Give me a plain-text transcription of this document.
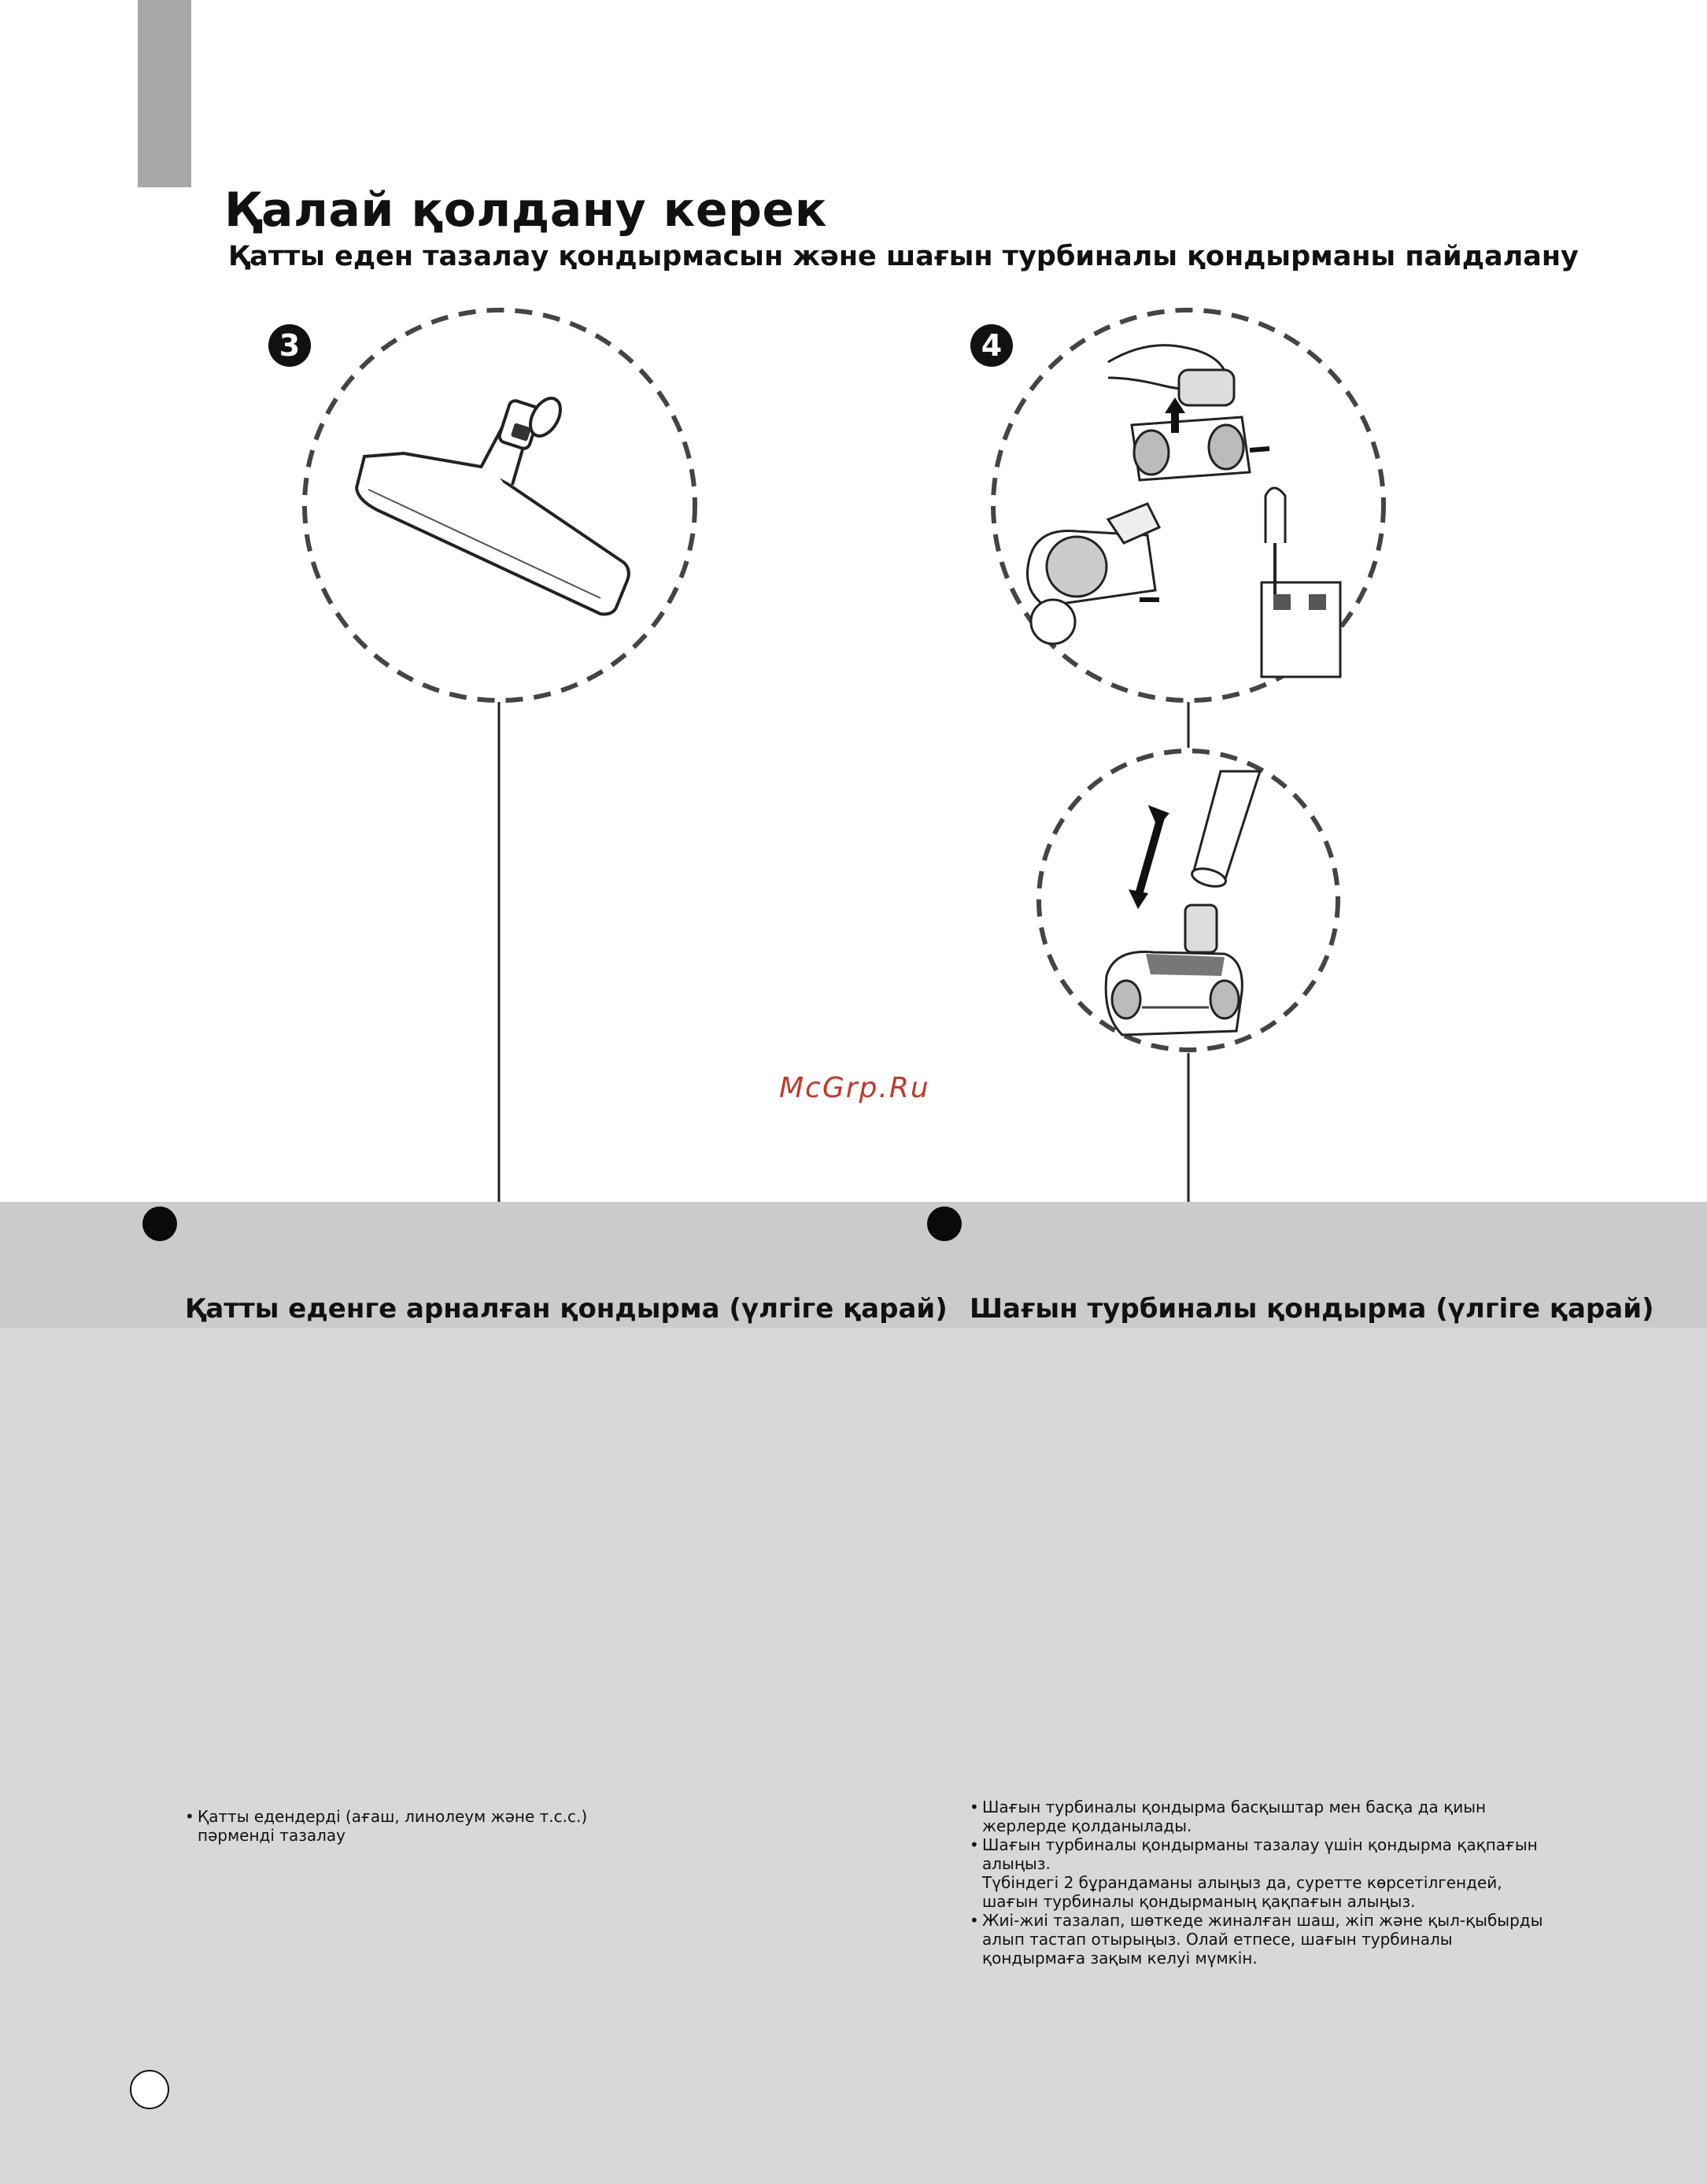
Қалай қолдану керек
Қатты еден тазалау қондырмасын және шағын турбиналы қондырманы пайдалану
3	4
McGrp.Ru
Қатты еденге арналған қондырма (үлгіге қарай) Шағын турбиналы қондырма (үлгіге қарай)
• Қатты едендерді (ағаш, линолеум және т.с.с.)
пәрменді тазалау
• Шағын турбиналы қондырма басқыштар мен басқа да қиын
жерлерде қолданылады.
• Шағын турбиналы қондырманы тазалау үшін қондырма қақпағын
алыңыз.
Түбіндегі 2 бұрандаманы алыңыз да, суретте көрсетілгендей,
шағын турбиналы қондырманың қақпағын алыңыз.
• Жиі-жиі тазалап, шөткеде жиналған шаш, жіп және қыл-қыбырды
алып тастап отырыңыз. Олай етпесе, шағын турбиналы
қондырмаға зақым келуі мүмкін.
